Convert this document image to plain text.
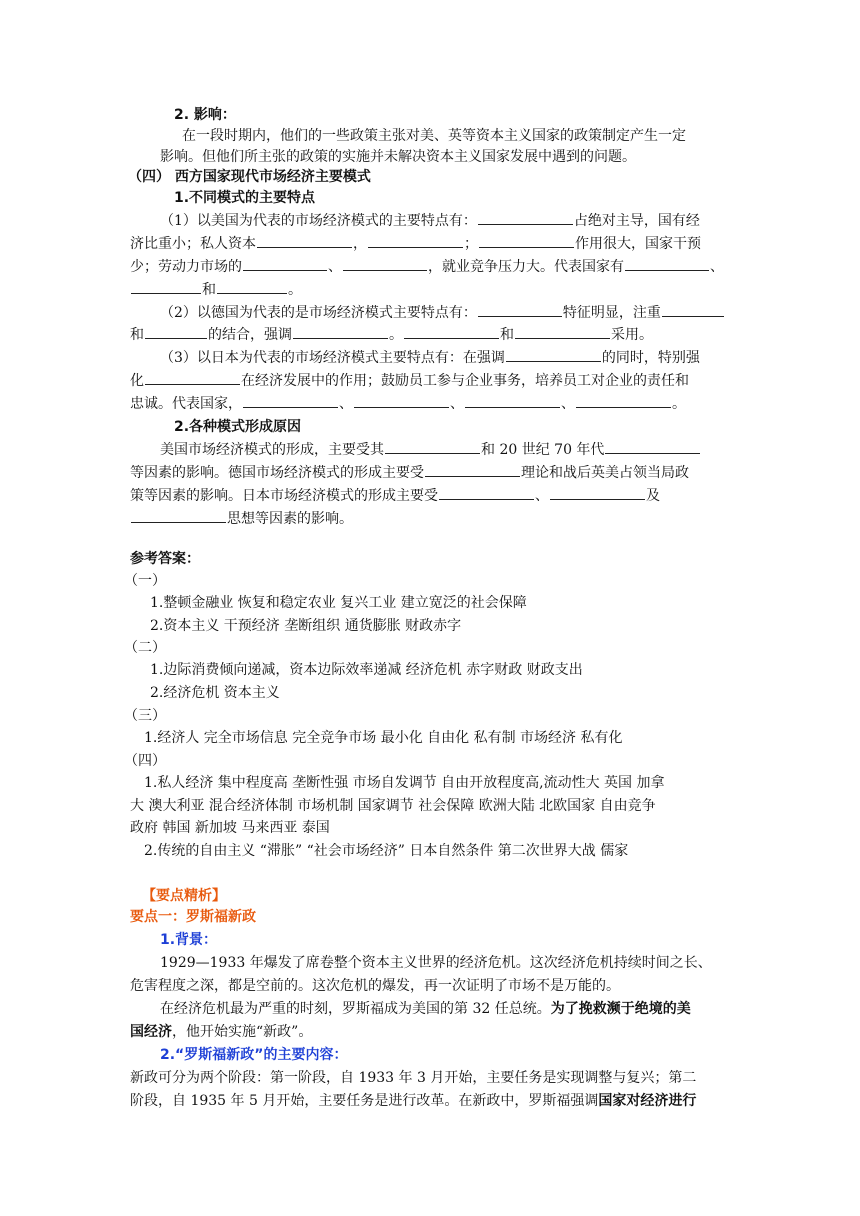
2. 影响：
在一段时期内，他们的一些政策主张对美、英等资本主义国家的政策制定产生一定
影响。但他们所主张的政策的实施并未解决资本主义国家发展中遇到的问题。
（四） 西方国家现代市场经济主要模式
1.不同模式的主要特点
（1）以美国为代表的市场经济模式的主要特点有：	占绝对主导，国有经
济比重小；私人资本	，	；	作用很大，国家干预
少；劳动力市场的	、	，就业竞争压力大。代表国家有	、
和	。
（2）以德国为代表的是市场经济模式主要特点有：	特征明显，注重
和	的结合，强调	。	和	采用。
（3）以日本为代表的市场经济模式主要特点有：在强调	的同时，特别强
化	在经济发展中的作用；鼓励员工参与企业事务，培养员工对企业的责任和
忠诚。代表国家，	、	、	、	。
2.各种模式形成原因
美国市场经济模式的形成，主要受其	和 20 世纪 70 年代
等因素的影响。德国市场经济模式的形成主要受	理论和战后英美占领当局政
策等因素的影响。日本市场经济模式的形成主要受	、	及
思想等因素的影响。
参考答案：
（一）
1.整顿金融业 恢复和稳定农业 复兴工业 建立宽泛的社会保障
2.资本主义 干预经济 垄断组织 通货膨胀 财政赤字
（二）
1.边际消费倾向递减，资本边际效率递减 经济危机 赤字财政 财政支出
2.经济危机 资本主义
（三）
1.经济人 完全市场信息 完全竞争市场 最小化 自由化 私有制 市场经济 私有化
（四）
1.私人经济 集中程度高 垄断性强 市场自发调节 自由开放程度高,流动性大 英国 加拿
大 澳大利亚 混合经济体制 市场机制 国家调节 社会保障 欧洲大陆 北欧国家 自由竞争
政府 韩国 新加坡 马来西亚 泰国
2.传统的自由主义 “滞胀” “社会市场经济” 日本自然条件 第二次世界大战 儒家
【要点精析】
要点一：罗斯福新政
1.背景：
1929—1933 年爆发了席卷整个资本主义世界的经济危机。这次经济危机持续时间之长、
危害程度之深，都是空前的。这次危机的爆发，再一次证明了市场不是万能的。
在经济危机最为严重的时刻，罗斯福成为美国的第 32 任总统。为了挽救濒于绝境的美
国经济，他开始实施“新政”。
2.“罗斯福新政”的主要内容：
新政可分为两个阶段：第一阶段，自 1933 年 3 月开始，主要任务是实现调整与复兴；第二
阶段，自 1935 年 5 月开始，主要任务是进行改革。在新政中，罗斯福强调国家对经济进行
